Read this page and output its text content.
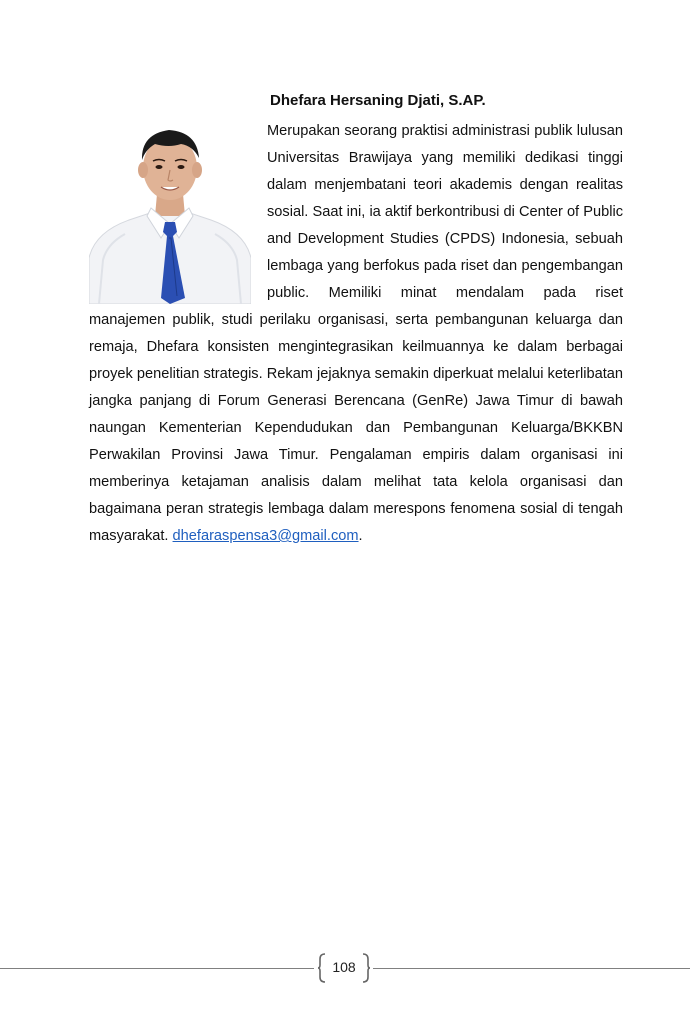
Dhefara Hersaning Djati, S.AP.

Merupakan seorang praktisi administrasi publik lulusan Universitas Brawijaya yang memiliki dedikasi tinggi dalam menjembatani teori akademis dengan realitas sosial. Saat ini, ia aktif berkontribusi di Center of Public and Development Studies (CPDS) Indonesia, sebuah lembaga yang berfokus pada riset dan pengembangan public. Memiliki minat mendalam pada riset manajemen publik, studi perilaku organisasi, serta pembangunan keluarga dan remaja, Dhefara konsisten mengintegrasikan keilmuannya ke dalam berbagai proyek penelitian strategis. Rekam jejaknya semakin diperkuat melalui keterlibatan jangka panjang di Forum Generasi Berencana (GenRe) Jawa Timur di bawah naungan Kementerian Kependudukan dan Pembangunan Keluarga/BKKBN Perwakilan Provinsi Jawa Timur. Pengalaman empiris dalam organisasi ini memberinya ketajaman analisis dalam melihat tata kelola organisasi dan bagaimana peran strategis lembaga dalam merespons fenomena sosial di tengah masyarakat. dhefaraspensa3@gmail.com.

108
